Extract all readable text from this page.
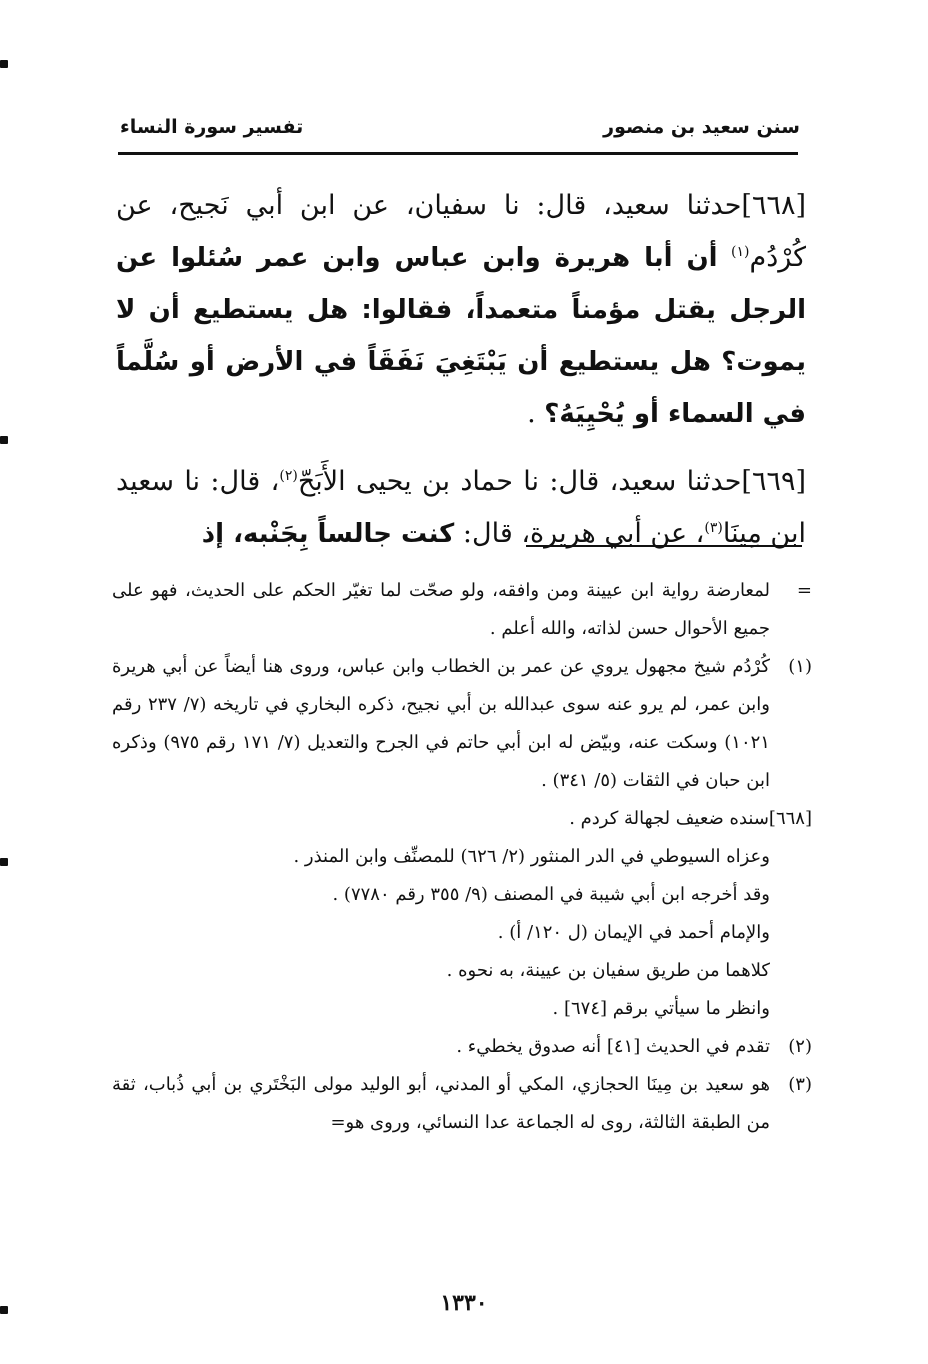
سنن سعيد بن منصور
تفسير سورة النساء

[٦٦٨]حدثنا سعيد، قال: نا سفيان، عن ابن أبي نَجيح، عن كُرْدُم$^{(١)}$ أن أبا هريرة وابن عباس وابن عمر سُئلوا عن الرجل يقتل مؤمناً متعمداً، فقالوا: هل يستطيع أن لا يموت؟ هل يستطيع أن يَبْتَغِيَ نَفَقَاً في الأرض أو سُلَّماً في السماء أو يُحْيِيَهُ؟ .

[٦٦٩]حدثنا سعيد، قال: نا حماد بن يحيى الأَبَحّ$^{(٢)}$، قال: نا سعيد ابن مِينَا$^{(٣)}$، عن أبي هريرة، قال: كنت جالساً بِجَنْبه، إذ

=
لمعارضة رواية ابن عيينة ومن وافقه، ولو صحّت لما تغيّر الحكم على الحديث، فهو على جميع الأحوال حسن لذاته، والله أعلم .
(١)
كُرْدُم شيخ مجهول يروي عن عمر بن الخطاب وابن عباس، وروى هنا أيضاً عن أبي هريرة وابن عمر، لم يرو عنه سوى عبدالله بن أبي نجيح، ذكره البخاري في تاريخه (٧/ ٢٣٧ رقم ١٠٢١) وسكت عنه، وبيّض له ابن أبي حاتم في الجرح والتعديل (٧/ ١٧١ رقم ٩٧٥) وذكره ابن حبان في الثقات (٥/ ٣٤١) .
[٦٦٨]سنده ضعيف لجهالة كردم .

وعزاه السيوطي في الدر المنثور (٢/ ٦٢٦) للمصنِّف وابن المنذر .

وقد أخرجه ابن أبي شيبة في المصنف (٩/ ٣٥٥ رقم ٧٧٨٠) .

والإمام أحمد في الإيمان (ل ١٢٠/ أ) .

كلاهما من طريق سفيان بن عيينة، به نحوه .

وانظر ما سيأتي برقم [٦٧٤] .

(٢)
تقدم في الحديث [٤١] أنه صدوق يخطيء .
(٣)
هو سعيد بن مِينَا الحجازي، المكي أو المدني، أبو الوليد مولى البَخْتَري بن أبي ذُباب، ثقة من الطبقة الثالثة، روى له الجماعة عدا النسائي، وروى هو=
١٣٣٠
